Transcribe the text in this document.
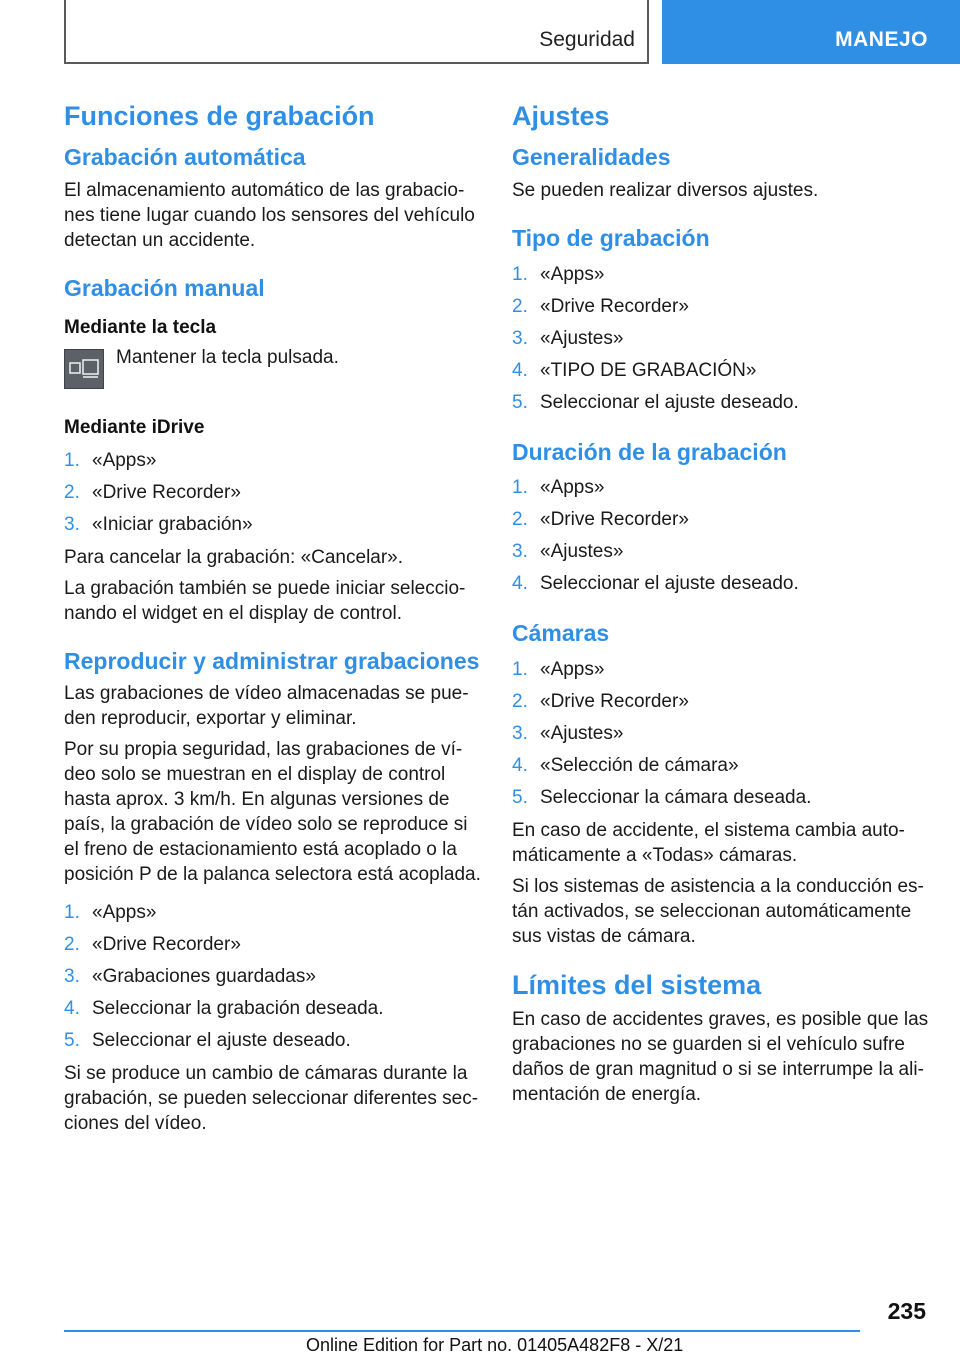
Seguridad	MANEJO
Funciones de grabación
Grabación automática

El almacenamiento automático de las grabacio-nes tiene lugar cuando los sensores del vehículo detectan un accidente.

Grabación manual
Mediante la tecla

Mantener la tecla pulsada.

Mediante iDrive
1. «Apps»
2. «Drive Recorder»
3. «Iniciar grabación»

Para cancelar la grabación: «Cancelar».

La grabación también se puede iniciar seleccio-nando el widget en el display de control.

Reproducir y administrar grabaciones

Las grabaciones de vídeo almacenadas se pue-den reproducir, exportar y eliminar.

Por su propia seguridad, las grabaciones de ví-deo solo se muestran en el display de control hasta aprox. 3 km/h. En algunas versiones de país, la grabación de vídeo solo se reproduce si el freno de estacionamiento está acoplado o la posición P de la palanca selectora está acoplada.

1. «Apps»
2. «Drive Recorder»
3. «Grabaciones guardadas»
4. Seleccionar la grabación deseada.
5. Seleccionar el ajuste deseado.

Si se produce un cambio de cámaras durante la grabación, se pueden seleccionar diferentes sec-ciones del vídeo.

Ajustes
Generalidades

Se pueden realizar diversos ajustes.

Tipo de grabación
1. «Apps»
2. «Drive Recorder»
3. «Ajustes»
4. «TIPO DE GRABACIÓN»
5. Seleccionar el ajuste deseado.
Duración de la grabación
1. «Apps»
2. «Drive Recorder»
3. «Ajustes»
4. Seleccionar el ajuste deseado.
Cámaras
1. «Apps»
2. «Drive Recorder»
3. «Ajustes»
4. «Selección de cámara»
5. Seleccionar la cámara deseada.

En caso de accidente, el sistema cambia auto-máticamente a «Todas» cámaras.

Si los sistemas de asistencia a la conducción es-tán activados, se seleccionan automáticamente sus vistas de cámara.

Límites del sistema

En caso de accidentes graves, es posible que las grabaciones no se guarden si el vehículo sufre daños de gran magnitud o si se interrumpe la ali-mentación de energía.

235
Online Edition for Part no. 01405A482F8 - X/21
